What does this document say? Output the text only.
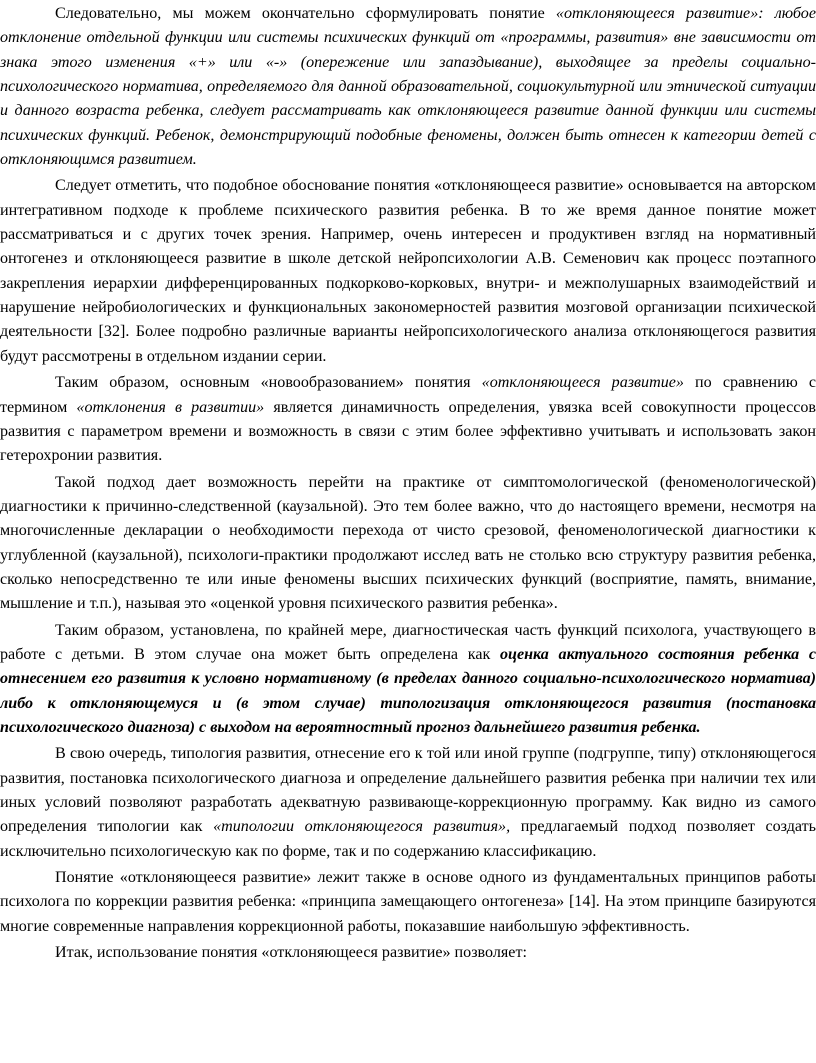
Следовательно, мы можем окончательно сформулировать понятие «отклоняющееся развитие»: любое отклонение отдельной функции или системы психических функций от «программы, развития» вне зависимости от знака этого изменения «+» или «-» (опережение или запаздывание), выходящее за пределы социально-психологического норматива, определяемого для данной образовательной, социокультурной или этнической ситуации и данного возраста ребенка, следует рассматривать как отклоняющееся развитие данной функции или системы психических функций. Ребенок, демонстрирующий подобные феномены, должен быть отнесен к категории детей с отклоняющимся развитием.

Следует отметить, что подобное обоснование понятия «отклоняющееся развитие» основывается на авторском интегративном подходе к проблеме психического развития ребенка. В то же время данное понятие может рассматриваться и с других точек зрения. Например, очень интересен и продуктивен взгляд на нормативный онтогенез и отклоняющееся развитие в школе детской нейропсихологии А.В. Семенович как процесс поэтапного закрепления иерархии дифференцированных подкорково-корковых, внутри- и межполушарных взаимодействий и нарушение нейробиологических и функциональных закономерностей развития мозговой организации психической деятельности [32]. Более подробно различные варианты нейропсихологического анализа отклоняющегося развития будут рассмотрены в отдельном издании серии.

Таким образом, основным «новообразованием» понятия «отклоняющееся развитие» по сравнению с термином «отклонения в развитии» является динамичность определения, увязка всей совокупности процессов развития с параметром времени и возможность в связи с этим более эффективно учитывать и использовать закон гетерохронии развития.

Такой подход дает возможность перейти на практике от симптомологической (феноменологической) диагностики к причинно-следственной (каузальной). Это тем более важно, что до настоящего времени, несмотря на многочисленные декларации о необходимости перехода от чисто срезовой, феноменологической диагностики к углубленной (каузальной), психологи-практики продолжают исслед вать не столько всю структуру развития ребенка, сколько непосредственно те или иные феномены высших психических функций (восприятие, память, внимание, мышление и т.п.), называя это «оценкой уровня психического развития ребенка».

Таким образом, установлена, по крайней мере, диагностическая часть функций психолога, участвующего в работе с детьми. В этом случае она может быть определена как оценка актуального состояния ребенка с отнесением его развития к условно нормативному (в пределах данного социально-психологического норматива) либо к отклоняющемуся и (в этом случае) типологизация отклоняющегося развития (постановка психологического диагноза) с выходом на вероятностный прогноз дальнейшего развития ребенка.

В свою очередь, типология развития, отнесение его к той или иной группе (подгруппе, типу) отклоняющегося развития, постановка психологического диагноза и определение дальнейшего развития ребенка при наличии тех или иных условий позволяют разработать адекватную развивающе-коррекционную программу. Как видно из самого определения типологии как «типологии отклоняющегося развития», предлагаемый подход позволяет создать исключительно психологическую как по форме, так и по содержанию классификацию.

Понятие «отклоняющееся развитие» лежит также в основе одного из фундаментальных принципов работы психолога по коррекции развития ребенка: «принципа замещающего онтогенеза» [14]. На этом принципе базируются многие современные направления коррекционной работы, показавшие наибольшую эффективность.

Итак, использование понятия «отклоняющееся развитие» позволяет:
